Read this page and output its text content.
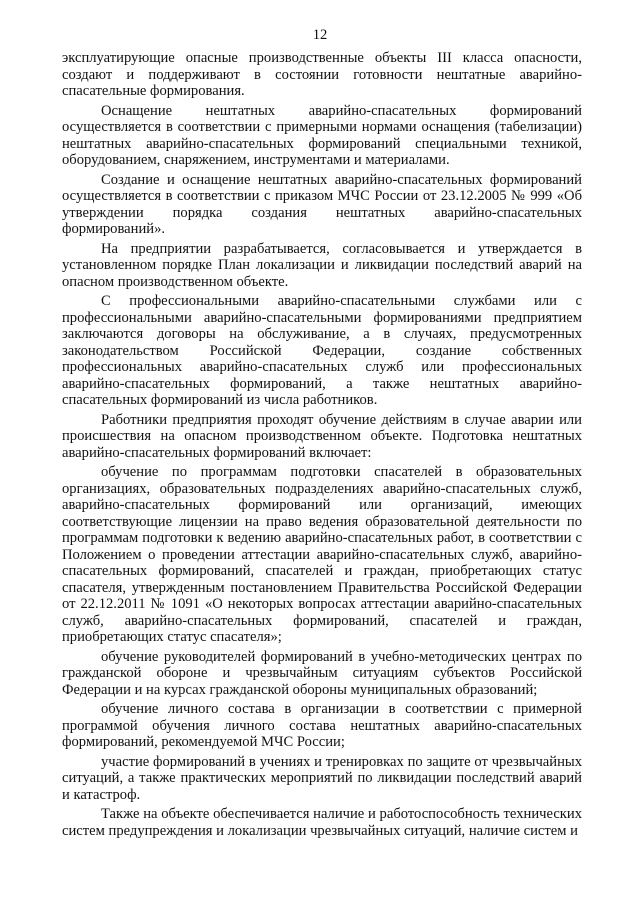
12

эксплуатирующие опасные производственные объекты III класса опасности, создают и поддерживают в состоянии готовности нештатные аварийно-спасательные формирования.

Оснащение нештатных аварийно-спасательных формирований осуществляется в соответствии с примерными нормами оснащения (табелизации) нештатных аварийно-спасательных формирований специальными техникой, оборудованием, снаряжением, инструментами и материалами.

Создание и оснащение нештатных аварийно-спасательных формирований осуществляется в соответствии с приказом МЧС России от 23.12.2005 № 999 «Об утверждении порядка создания нештатных аварийно-спасательных формирований».

На предприятии разрабатывается, согласовывается и утверждается в установленном порядке План локализации и ликвидации последствий аварий на опасном производственном объекте.

С профессиональными аварийно-спасательными службами или с профессиональными аварийно-спасательными формированиями предприятием заключаются договоры на обслуживание, а в случаях, предусмотренных законодательством Российской Федерации, создание собственных профессиональных аварийно-спасательных служб или профессиональных аварийно-спасательных формирований, а также нештатных аварийно-спасательных формирований из числа работников.

Работники предприятия проходят обучение действиям в случае аварии или происшествия на опасном производственном объекте. Подготовка нештатных аварийно-спасательных формирований включает:

обучение по программам подготовки спасателей в образовательных организациях, образовательных подразделениях аварийно-спасательных служб, аварийно-спасательных формирований или организаций, имеющих соответствующие лицензии на право ведения образовательной деятельности по программам подготовки к ведению аварийно-спасательных работ, в соответствии с Положением о проведении аттестации аварийно-спасательных служб, аварийно-спасательных формирований, спасателей и граждан, приобретающих статус спасателя, утвержденным постановлением Правительства Российской Федерации от 22.12.2011 № 1091 «О некоторых вопросах аттестации аварийно-спасательных служб, аварийно-спасательных формирований, спасателей и граждан, приобретающих статус спасателя»;

обучение руководителей формирований в учебно-методических центрах по гражданской обороне и чрезвычайным ситуациям субъектов Российской Федерации и на курсах гражданской обороны муниципальных образований;

обучение личного состава в организации в соответствии с примерной программой обучения личного состава нештатных аварийно-спасательных формирований, рекомендуемой МЧС России;

участие формирований в учениях и тренировках по защите от чрезвычайных ситуаций, а также практических мероприятий по ликвидации последствий аварий и катастроф.

Также на объекте обеспечивается наличие и работоспособность технических систем предупреждения и локализации чрезвычайных ситуаций, наличие систем и
